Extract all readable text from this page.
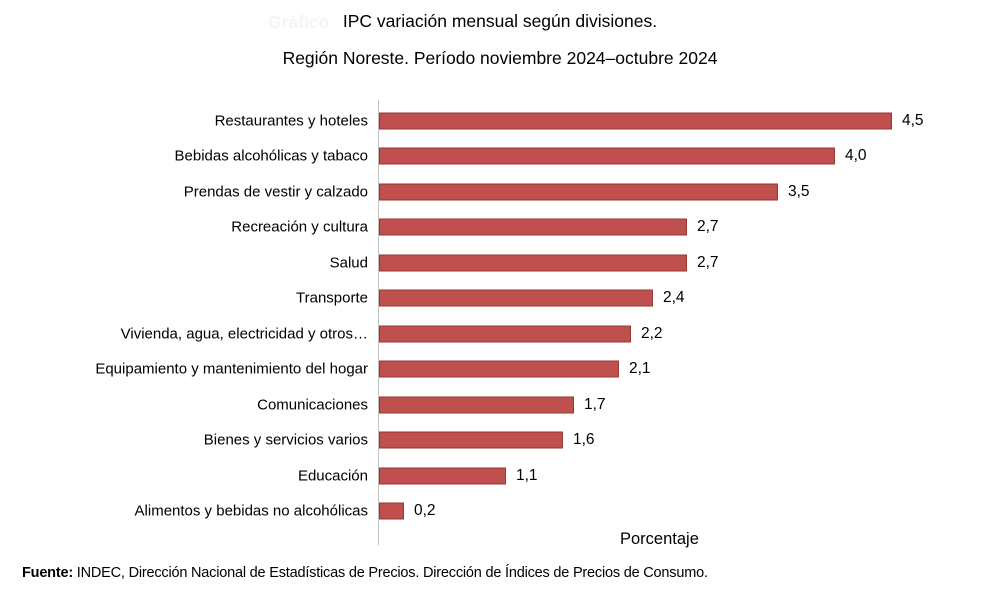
Gráfico IPC variación mensual según divisiones.
Región Noreste. Período noviembre 2024–octubre 2024
Restaurantes y hoteles	4,5
Bebidas alcohólicas y tabaco	4,0
Prendas de vestir y calzado	3,5
Recreación y cultura	2,7
Salud	2,7
Transporte	2,4
Vivienda, agua, electricidad y otros…	2,2
Equipamiento y mantenimiento del hogar	2,1
Comunicaciones	1,7
Bienes y servicios varios	1,6
Educación	1,1
Alimentos y bebidas no alcohólicas	0,2
Porcentaje
Fuente: INDEC, Dirección Nacional de Estadísticas de Precios. Dirección de Índices de Precios de Consumo.
